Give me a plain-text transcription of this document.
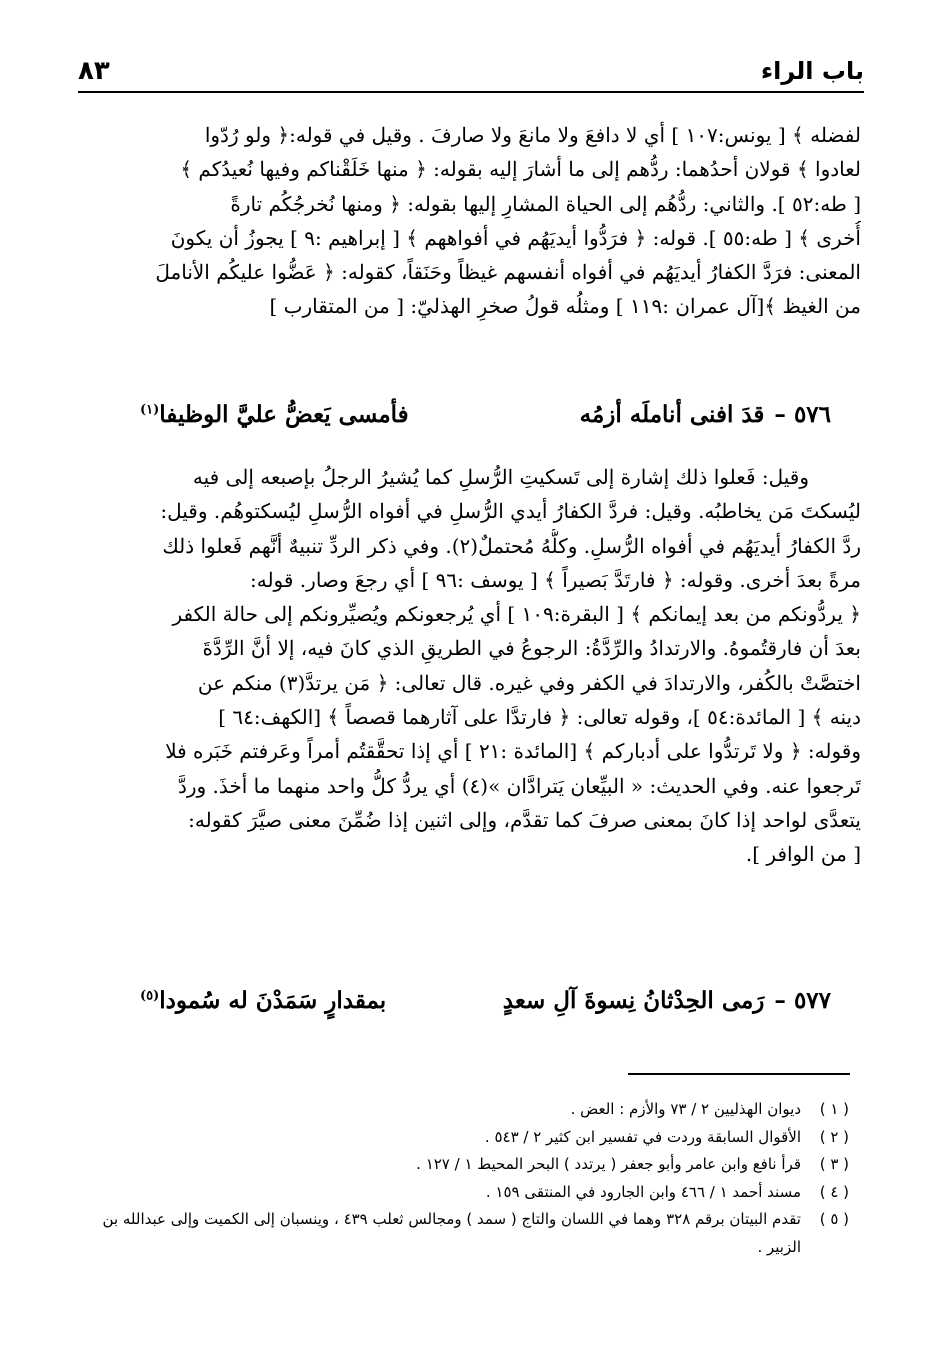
باب الراء
٨٣
لفضله ﴾ [ يونس:١٠٧ ] أي لا دافعَ ولا مانعَ ولا صارفَ . وقيل في قوله:﴿ ولو رُدّوا
لعادوا ﴾ قولان أحدُهما: ردُّهم إلى ما أشارَ إليه بقوله: ﴿ منها خَلَقْناكم وفيها نُعيدُكم ﴾
[ طه:٥٢ ]. والثاني: ردُّهُم إلى الحياة المشارِ إليها بقوله: ﴿ ومنها نُخرجُكُم تارةً
أُخرى ﴾ [ طه:٥٥ ]. قوله: ﴿ فرَدُّوا أيديَهُم في أفواههم ﴾ [ إبراهيم :٩ ] يجوزُ أن يكونَ
المعنى: فرَدَّ الكفارُ أيديَهُم في أفواه أنفسهم غيظاً وحَنَقاً، كقوله: ﴿ عَضُّوا عليكُم الأناملَ
من الغيظ ﴾[آل عمران :١١٩ ] ومثلُه قولُ صخرِ الهذليّ: [ من المتقارب ]
٥٧٦ –قدَ افنى أناملَه أزمُه
فأمسى يَعضُّ عليَّ الوظيفا$^{(١)}$
وقيل: فَعلوا ذلك إشارة إلى تَسكيتِ الرُّسلِ كما يُشيرُ الرجلُ بإصبعه إلى فيه
ليُسكتَ مَن يخاطبُه. وقيل: فردَّ الكفارُ أيدي الرُّسلِ في أفواه الرُّسلِ ليُسكتوهُم. وقيل:
ردَّ الكفارُ أيديَهُم في أفواه الرُّسلِ. وكلُّهُ مُحتملٌ(٢). وفي ذكر الردِّ تنبيهٌ أنَّهم فَعلوا ذلك
مرةً بعدَ أخرى. وقوله: ﴿ فارتَدَّ بَصيراً ﴾ [ يوسف :٩٦ ] أي رجعَ وصار. قوله:
﴿ يردُّونكم من بعد إيمانكم ﴾ [ البقرة:١٠٩ ] أي يُرجعونكم ويُصيِّرونكم إلى حالة الكفر
بعدَ أن فارقتُموهُ. والارتدادُ والرِّدَّةُ: الرجوعُ في الطريقِ الذي كانَ فيه، إلا أنَّ الرِّدَّةَ
اختصَّتْ بالكُفر، والارتدادَ في الكفر وفي غيره. قال تعالى: ﴿ مَن يرتدَّ(٣) منكم عن
دينه ﴾ [ المائدة:٥٤ ]، وقوله تعالى: ﴿ فارتدَّا على آثارهما قصصاً ﴾ [الكهف:٦٤ ]
وقوله: ﴿ ولا تَرتدُّوا على أدباركم ﴾ [المائدة :٢١ ] أي إذا تحقَّقتُم أمراً وعَرفتم خَبَره فلا
تَرجعوا عنه. وفي الحديث: « البيِّعان يَترادَّان »(٤) أي يردُّ كلُّ واحد منهما ما أخذَ. وردَّ
يتعدَّى لواحد إذا كانَ بمعنى صرفَ كما تقدَّم، وإلى اثنين إذا ضُمِّنَ معنى صيَّرَ كقوله:
[ من الوافر ].
٥٧٧ –رَمى الحِدْثانُ نِسوةَ آلِ سعدٍ
بمقدارٍ سَمَدْنَ له سُمودا$^{(٥)}$
( ١ )
ديوان الهذليين ٢ / ٧٣ والأزم : العض .
( ٢ )
الأقوال السابقة وردت في تفسير ابن كثير ٢ / ٥٤٣ .
( ٣ )
قرأ نافع وابن عامر وأبو جعفر ( يرتدد ) البحر المحيط ١ / ١٢٧ .
( ٤ )
مسند أحمد ١ / ٤٦٦ وابن الجارود في المنتقى ١٥٩ .
( ٥ )
تقدم البيتان برقم ٣٢٨ وهما في اللسان والتاج ( سمد ) ومجالس ثعلب ٤٣٩ ، وينسبان إلى الكميت وإلى عبدالله بن الزبير .
